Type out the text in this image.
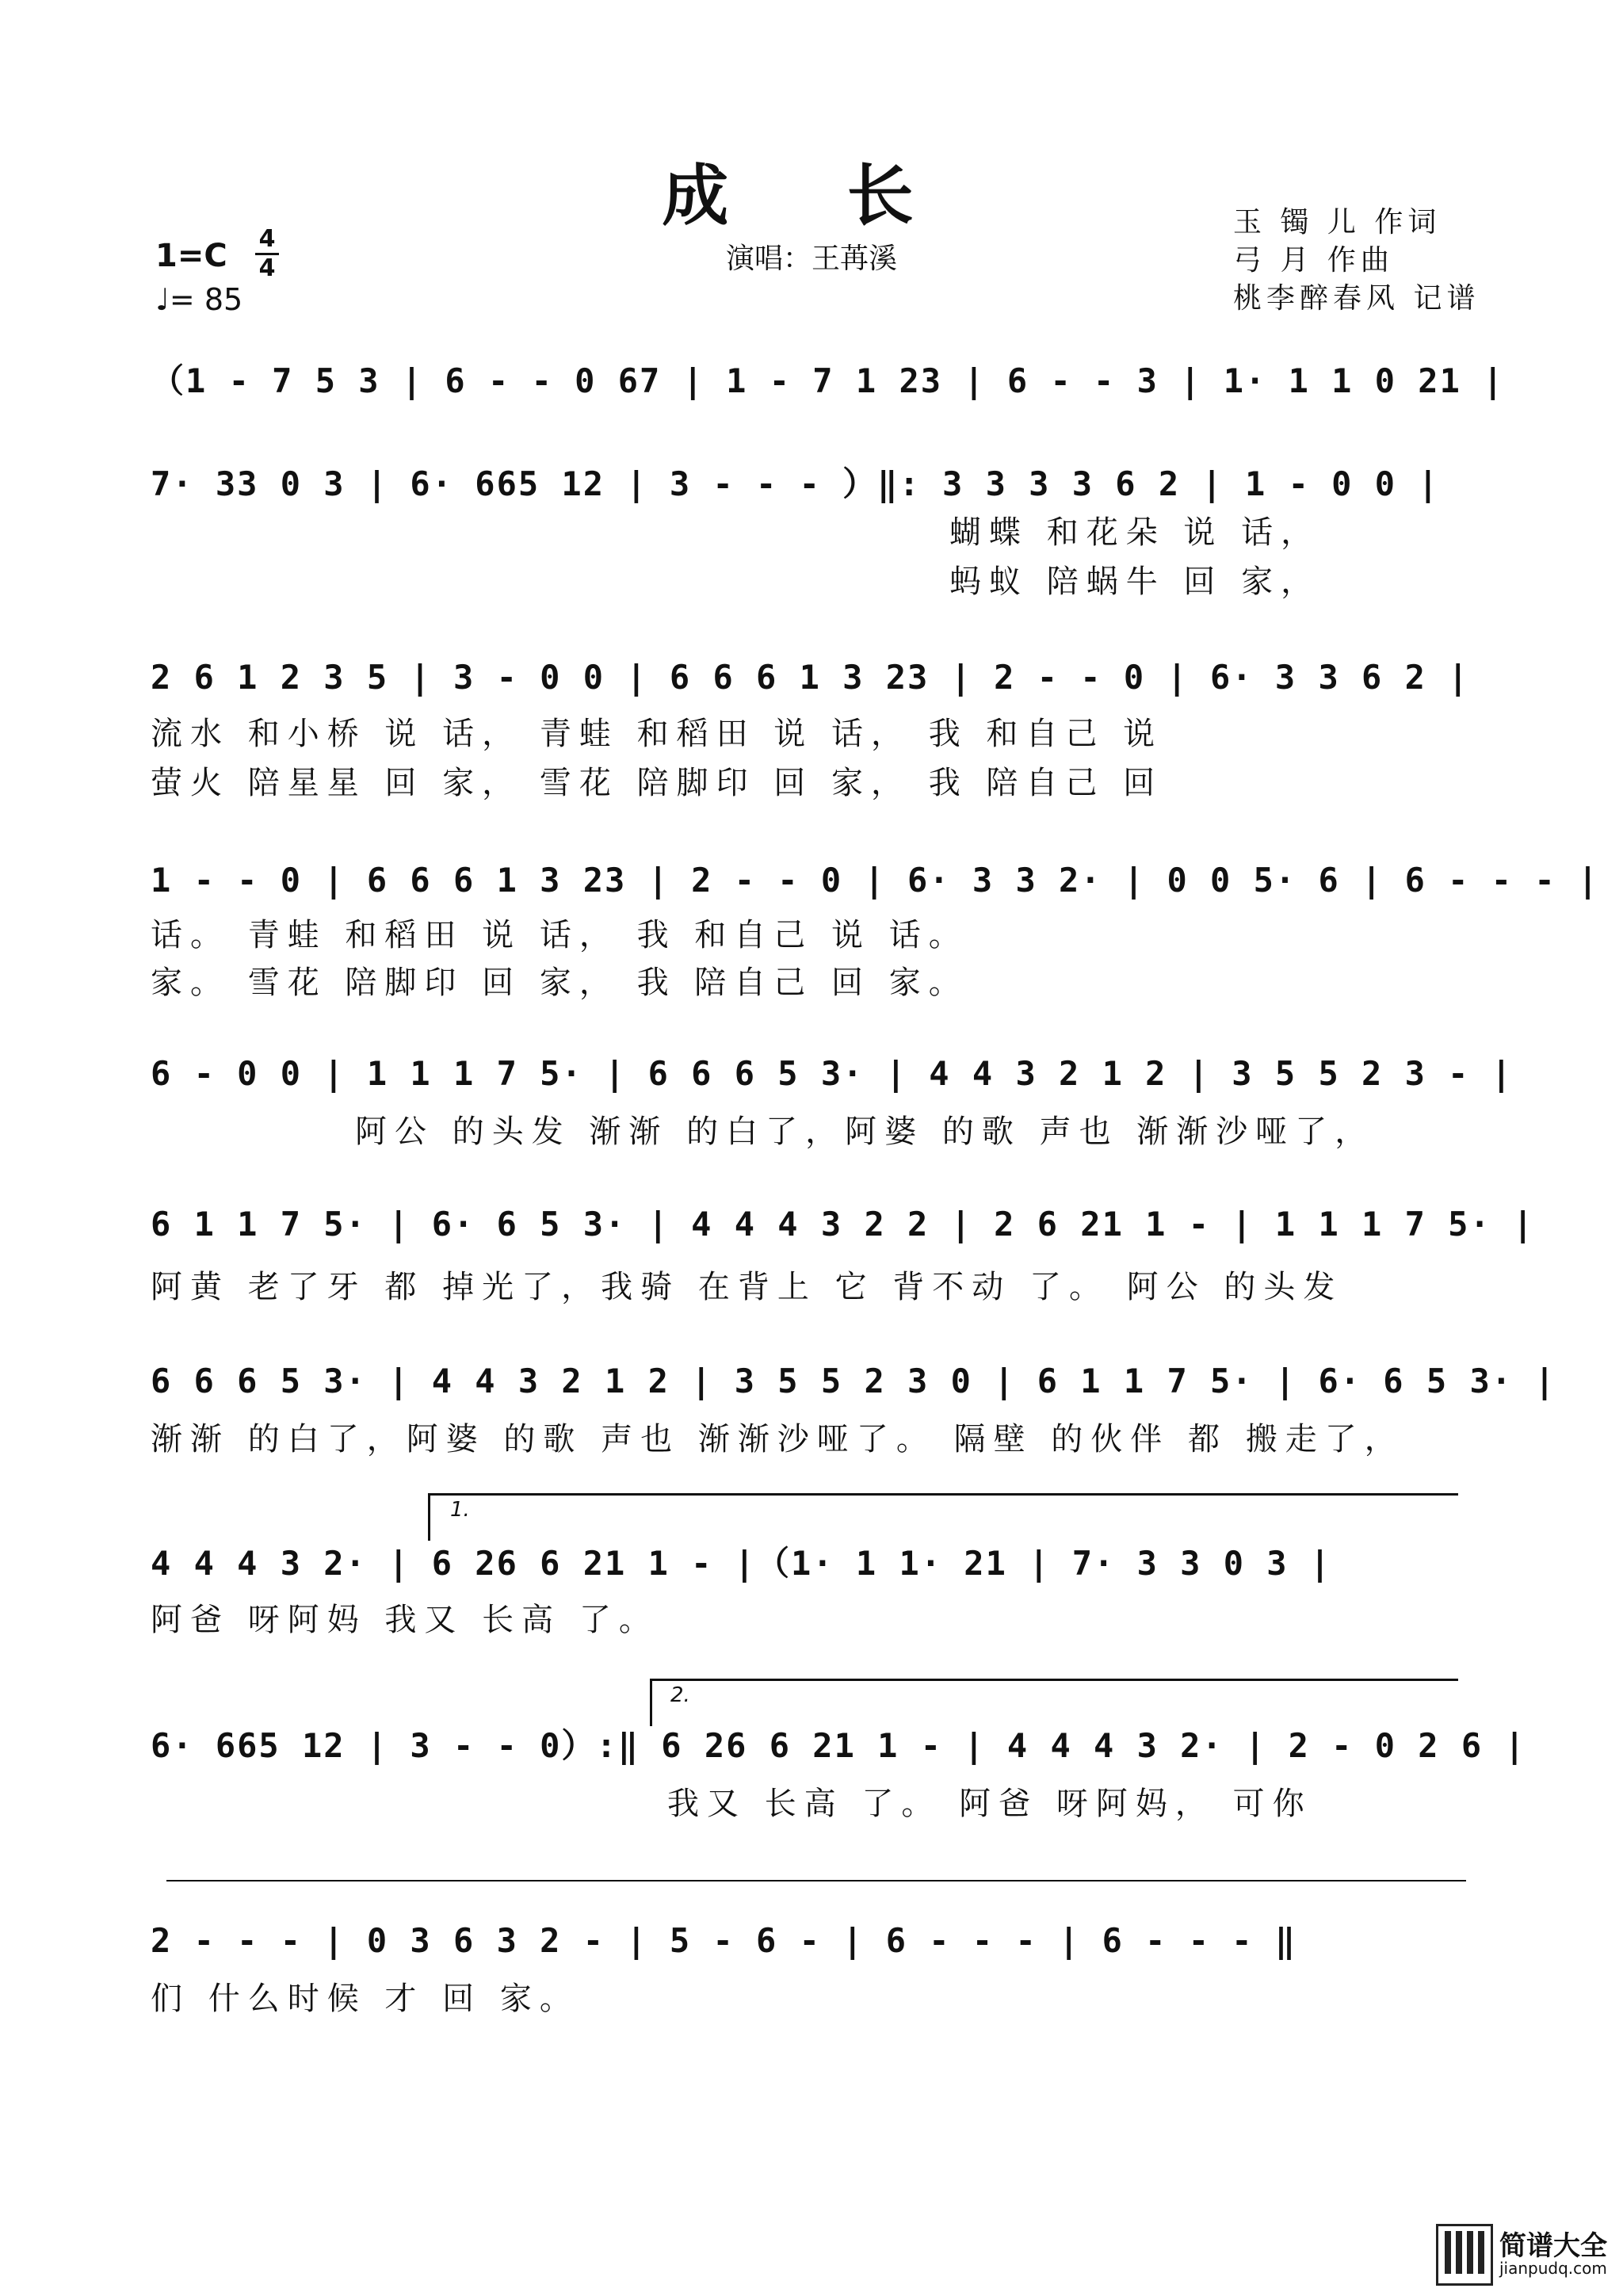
成 长
演唱：王苒溪
1=C 4
4
♩= 85
玉 镯 儿 作词
弓 月 作曲
桃李醉春风 记谱
（1 - 7 5 3 | 6 - - 0 67 | 1 - 7 1 23 | 6 - - 3 | 1· 1 1 0 21 |
7· 33 0 3 | 6· 665 12 | 3 - - - ）‖: 3 3 3 3 6 2 | 1 - 0 0 |
蝴蝶 和花朵 说 话，
蚂蚁 陪蜗牛 回 家，
2 6 1 2 3 5 | 3 - 0 0 | 6 6 6 1 3 23 | 2 - - 0 | 6· 3 3 6 2 |
流水 和小桥 说 话， 青蛙 和稻田 说 话， 我 和自己 说
萤火 陪星星 回 家， 雪花 陪脚印 回 家， 我 陪自己 回
1 - - 0 | 6 6 6 1 3 23 | 2 - - 0 | 6· 3 3 2· | 0 0 5· 6 | 6 - - - |
话。 青蛙 和稻田 说 话， 我 和自己 说 话。
家。 雪花 陪脚印 回 家， 我 陪自己 回 家。
6 - 0 0 | 1 1 1 7 5· | 6 6 6 5 3· | 4 4 3 2 1 2 | 3 5 5 2 3 - |
阿公 的头发 渐渐 的白了，阿婆 的歌 声也 渐渐沙哑了，
6 1 1 7 5· | 6· 6 5 3· | 4 4 4 3 2 2 | 2 6 21 1 - | 1 1 1 7 5· |
阿黄 老了牙 都 掉光了，我骑 在背上 它 背不动 了。 阿公 的头发
6 6 6 5 3· | 4 4 3 2 1 2 | 3 5 5 2 3 0 | 6 1 1 7 5· | 6· 6 5 3· |
渐渐 的白了，阿婆 的歌 声也 渐渐沙哑了。 隔壁 的伙伴 都 搬走了，
1.
4 4 4 3 2· | 6 26 6 21 1 - |（1· 1 1· 21 | 7· 3 3 0 3 |
阿爸 呀阿妈 我又 长高 了。
2.
6· 665 12 | 3 - - 0）:‖ 6 26 6 21 1 - | 4 4 4 3 2· | 2 - 0 2 6 |
我又 长高 了。 阿爸 呀阿妈， 可你
2 - - - | 0 3 6 3 2 - | 5 - 6 - | 6 - - - | 6 - - - ‖
们 什么时候 才 回 家。
简谱大全
jianpudq.com
